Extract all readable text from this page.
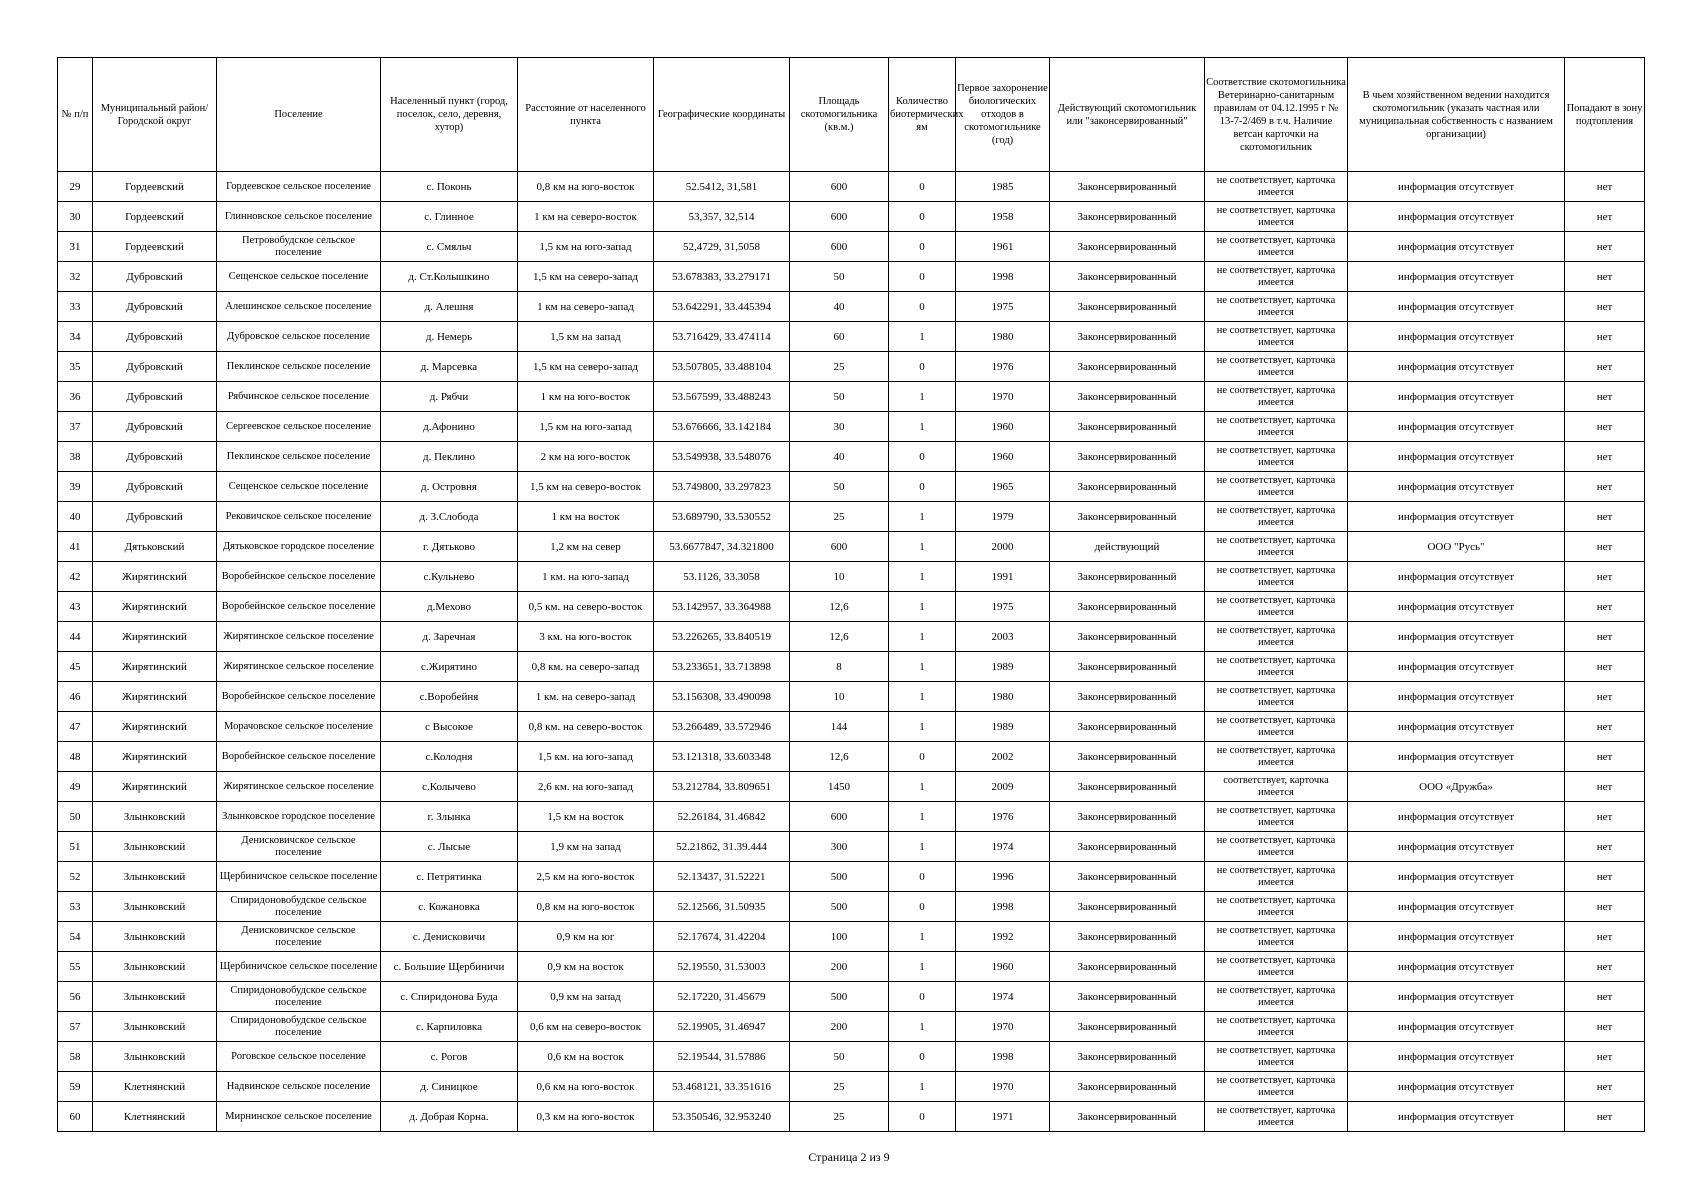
№ п/п	Муниципальный район/Городской округ	Поселение	Населенный пункт (город, поселок, село, деревня, хутор)	Расстояние от населенного пункта	Географические координаты	Площадь скотомогильника (кв.м.)	Количество биотермических ям	Первое захоронение биологических отходов в скотомогильнике (год)	Действующий скотомогильник или "законсервированный"	Соответствие скотомогильника Ветеринарно-санитарным правилам от 04.12.1995 г № 13-7-2/469 в т.ч. Наличие ветсан карточки на скотомогильник	В чьем хозяйственном ведении находится скотомогильник (указать частная или муниципальная собственность с названием организации)	Попадают в зону подтопления
29	Гордеевский	Гордеевское сельское поселение	с. Поконь	0,8 км на юго-восток	52.5412, 31,581	600	0	1985	Законсервированный	не соответствует, карточка имеется	информация отсутствует	нет
30	Гордеевский	Глинновское сельское поселение	с. Глинное	1 км на северо-восток	53,357, 32,514	600	0	1958	Законсервированный	не соответствует, карточка имеется	информация отсутствует	нет
31	Гордеевский	Петровобудское сельское поселение	с. Смяльч	1,5 км на юго-запад	52,4729, 31,5058	600	0	1961	Законсервированный	не соответствует, карточка имеется	информация отсутствует	нет
32	Дубровский	Сещенское сельское поселение	д. Ст.Колышкино	1,5 км на северо-запад	53.678383, 33.279171	50	0	1998	Законсервированный	не соответствует, карточка имеется	информация отсутствует	нет
33	Дубровский	Алешинское сельское поселение	д. Алешня	1 км на северо-запад	53.642291, 33.445394	40	0	1975	Законсервированный	не соответствует, карточка имеется	информация отсутствует	нет
34	Дубровский	Дубровское сельское поселение	д. Немерь	1,5 км на запад	53.716429, 33.474114	60	1	1980	Законсервированный	не соответствует, карточка имеется	информация отсутствует	нет
35	Дубровский	Пеклинское сельское поселение	д. Марсевка	1,5 км на северо-запад	53.507805, 33.488104	25	0	1976	Законсервированный	не соответствует, карточка имеется	информация отсутствует	нет
36	Дубровский	Рябчинское сельское поселение	д. Рябчи	1 км на юго-восток	53.567599, 33.488243	50	1	1970	Законсервированный	не соответствует, карточка имеется	информация отсутствует	нет
37	Дубровский	Сергеевское сельское поселение	д.Афонино	1,5 км на юго-запад	53.676666, 33.142184	30	1	1960	Законсервированный	не соответствует, карточка имеется	информация отсутствует	нет
38	Дубровский	Пеклинское сельское поселение	д. Пеклино	2 км на юго-восток	53.549938, 33.548076	40	0	1960	Законсервированный	не соответствует, карточка имеется	информация отсутствует	нет
39	Дубровский	Сещенское сельское поселение	д. Островня	1,5 км на северо-восток	53.749800, 33.297823	50	0	1965	Законсервированный	не соответствует, карточка имеется	информация отсутствует	нет
40	Дубровский	Рековичское сельское поселение	д. З.Слобода	1 км на восток	53.689790, 33.530552	25	1	1979	Законсервированный	не соответствует, карточка имеется	информация отсутствует	нет
41	Дятьковский	Дятьковское городское поселение	г. Дятьково	1,2 км на север	53.6677847, 34.321800	600	1	2000	действующий	не соответствует, карточка имеется	ООО "Русь"	нет
42	Жирятинский	Воробейнское сельское поселение	с.Кульнево	1 км. на юго-запад	53.1126, 33.3058	10	1	1991	Законсервированный	не соответствует, карточка имеется	информация отсутствует	нет
43	Жирятинский	Воробейнское сельское поселение	д.Мехово	0,5 км. на северо-восток	53.142957, 33.364988	12,6	1	1975	Законсервированный	не соответствует, карточка имеется	информация отсутствует	нет
44	Жирятинский	Жирятинское сельское поселение	д. Заречная	3 км. на юго-восток	53.226265, 33.840519	12,6	1	2003	Законсервированный	не соответствует, карточка имеется	информация отсутствует	нет
45	Жирятинский	Жирятинское сельское поселение	с.Жирятино	0,8 км. на северо-запад	53.233651, 33.713898	8	1	1989	Законсервированный	не соответствует, карточка имеется	информация отсутствует	нет
46	Жирятинский	Воробейнское сельское поселение	с.Воробейня	1 км. на северо-запад	53.156308, 33.490098	10	1	1980	Законсервированный	не соответствует, карточка имеется	информация отсутствует	нет
47	Жирятинский	Морачовское сельское поселение	с Высокое	0,8 км. на северо-восток	53.266489, 33.572946	144	1	1989	Законсервированный	не соответствует, карточка имеется	информация отсутствует	нет
48	Жирятинский	Воробейнское сельское поселение	с.Колодня	1,5 км. на юго-запад	53.121318, 33.603348	12,6	0	2002	Законсервированный	не соответствует, карточка имеется	информация отсутствует	нет
49	Жирятинский	Жирятинское сельское поселение	с.Колычево	2,6 км. на юго-запад	53.212784, 33.809651	1450	1	2009	Законсервированный	соответствует, карточка имеется	ООО «Дружба»	нет
50	Злынковский	Злынковское городское поселение	г. Злынка	1,5 км на восток	52.26184, 31.46842	600	1	1976	Законсервированный	не соответствует, карточка имеется	информация отсутствует	нет
51	Злынковский	Денисковичское сельское поселение	с. Лысые	1,9 км на запад	52.21862, 31.39.444	300	1	1974	Законсервированный	не соответствует, карточка имеется	информация отсутствует	нет
52	Злынковский	Щербиничское сельское поселение	с. Петрятинка	2,5 км на юго-восток	52.13437, 31.52221	500	0	1996	Законсервированный	не соответствует, карточка имеется	информация отсутствует	нет
53	Злынковский	Спиридоновобудское сельское поселение	с. Кожановка	0,8 км на юго-восток	52.12566, 31.50935	500	0	1998	Законсервированный	не соответствует, карточка имеется	информация отсутствует	нет
54	Злынковский	Денисковичское сельское поселение	с. Денисковичи	0,9 км на юг	52.17674, 31.42204	100	1	1992	Законсервированный	не соответствует, карточка имеется	информация отсутствует	нет
55	Злынковский	Щербиничское сельское поселение	с. Большие Щербиничи	0,9 км на восток	52.19550, 31.53003	200	1	1960	Законсервированный	не соответствует, карточка имеется	информация отсутствует	нет
56	Злынковский	Спиридоновобудское сельское поселение	с. Спиридонова Буда	0,9 км на запад	52.17220, 31.45679	500	0	1974	Законсервированный	не соответствует, карточка имеется	информация отсутствует	нет
57	Злынковский	Спиридоновобудское сельское поселение	с. Карпиловка	0,6 км на северо-восток	52.19905, 31.46947	200	1	1970	Законсервированный	не соответствует, карточка имеется	информация отсутствует	нет
58	Злынковский	Роговское сельское поселение	с. Рогов	0,6 км на восток	52.19544, 31.57886	50	0	1998	Законсервированный	не соответствует, карточка имеется	информация отсутствует	нет
59	Клетнянский	Надвинское сельское поселение	д. Синицкое	0,6 км на юго-восток	53.468121, 33.351616	25	1	1970	Законсервированный	не соответствует, карточка имеется	информация отсутствует	нет
60	Клетнянский	Мирнинское сельское поселение	д. Добрая Корна.	0,3 км на юго-восток	53.350546, 32.953240	25	0	1971	Законсервированный	не соответствует, карточка имеется	информация отсутствует	нет
Страница 2 из 9
